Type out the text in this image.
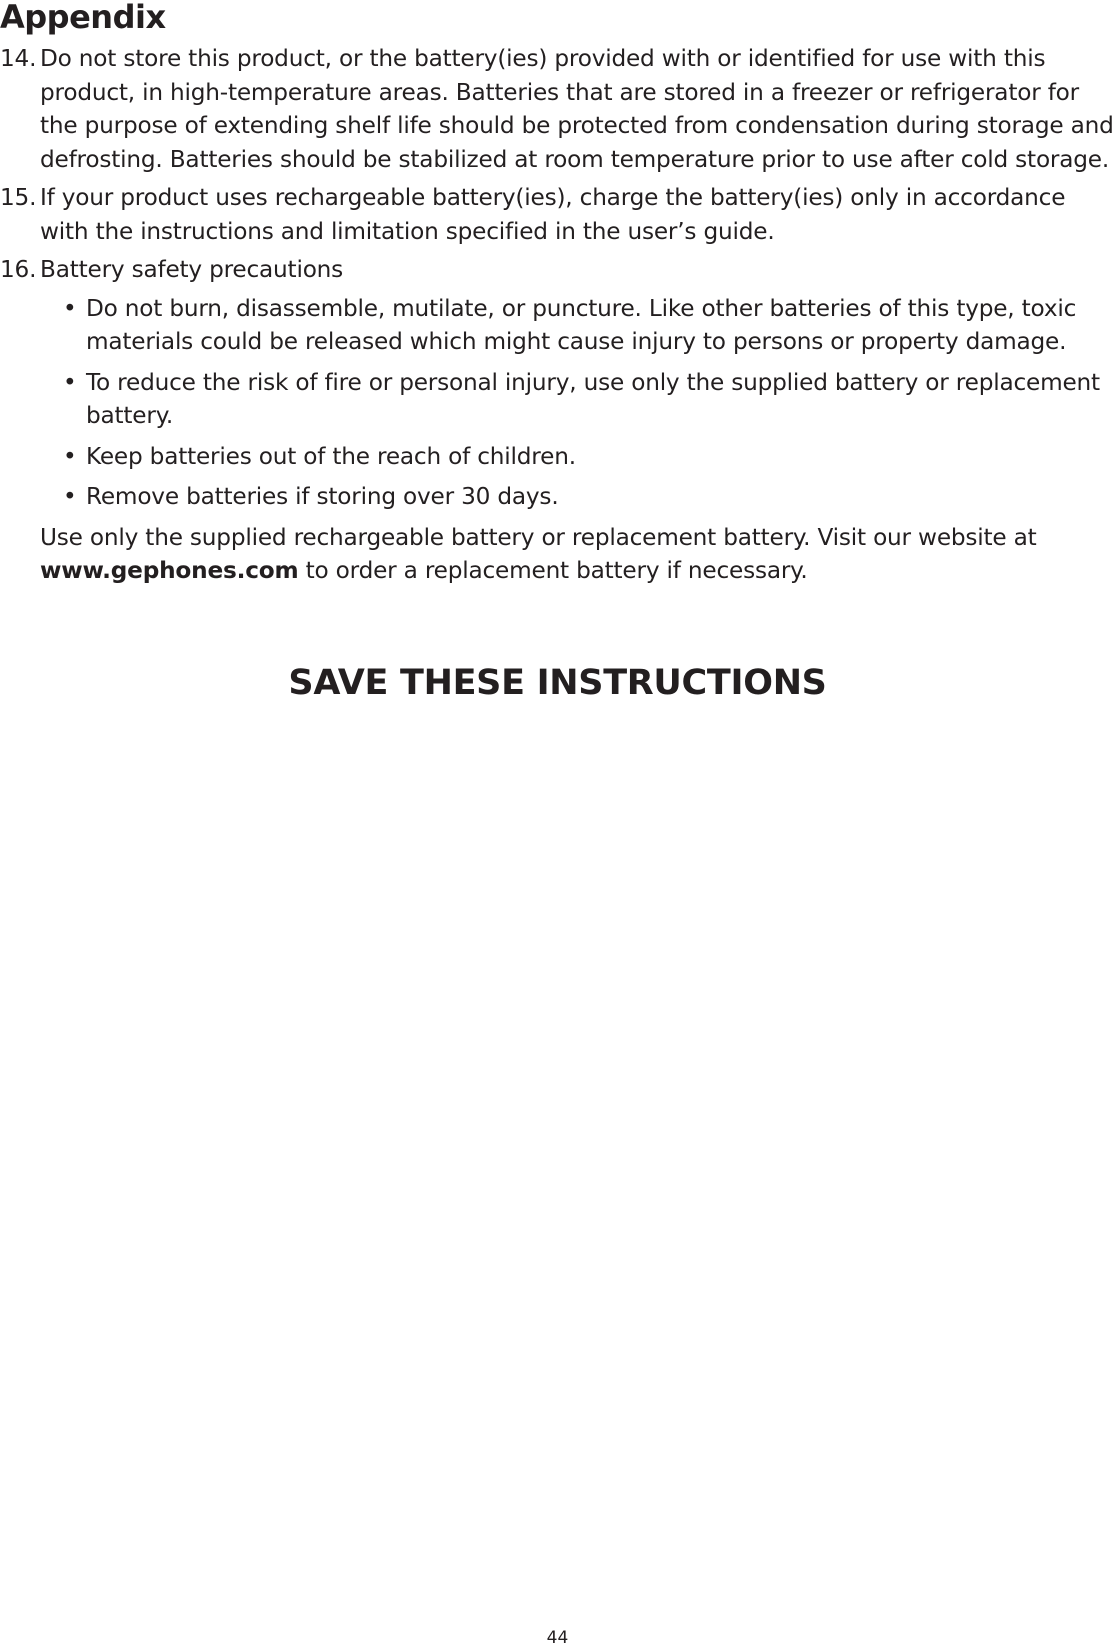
Appendix
14. Do not store this product, or the battery(ies) provided with or identified for use with this product, in high-temperature areas. Batteries that are stored in a freezer or refrigerator for the purpose of extending shelf life should be protected from condensation during storage and defrosting. Batteries should be stabilized at room temperature prior to use after cold storage.
15. If your product uses rechargeable battery(ies), charge the battery(ies) only in accordance with the instructions and limitation specified in the user’s guide.
16. Battery safety precautions
• Do not burn, disassemble, mutilate, or puncture. Like other batteries of this type, toxic materials could be released which might cause injury to persons or property damage.
• To reduce the risk of fire or personal injury, use only the supplied battery or replacement battery.
• Keep batteries out of the reach of children.
• Remove batteries if storing over 30 days.
Use only the supplied rechargeable battery or replacement battery. Visit our website at www.gephones.com to order a replacement battery if necessary.
SAVE THESE INSTRUCTIONS
44
